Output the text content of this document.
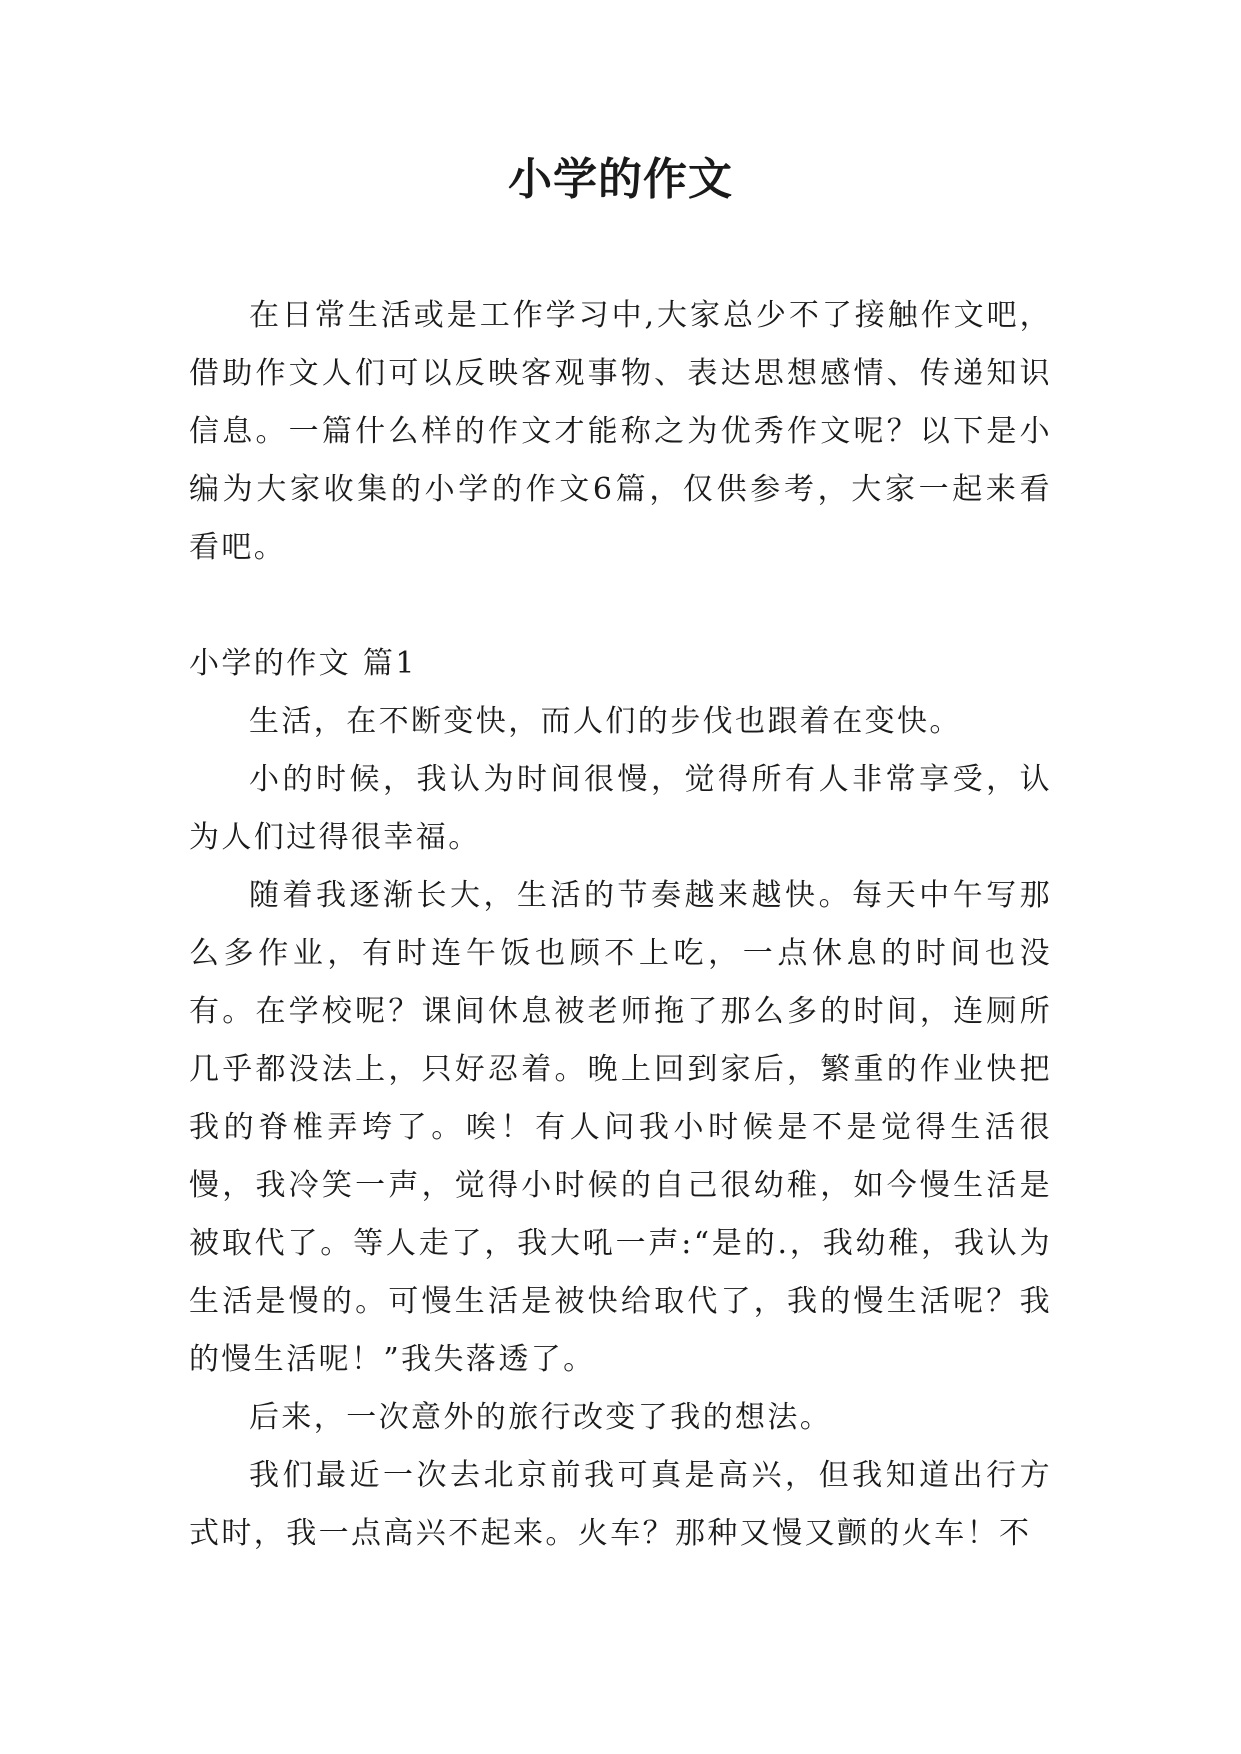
小学的作文

在日常生活或是工作学习中,大家总少不了接触作文吧，借助作文人们可以反映客观事物、表达思想感情、传递知识信息。一篇什么样的作文才能称之为优秀作文呢？以下是小编为大家收集的小学的作文6篇，仅供参考，大家一起来看看吧。

小学的作文 篇1

生活，在不断变快，而人们的步伐也跟着在变快。

小的时候，我认为时间很慢，觉得所有人非常享受，认为人们过得很幸福。

随着我逐渐长大，生活的节奏越来越快。每天中午写那么多作业，有时连午饭也顾不上吃，一点休息的时间也没有。在学校呢？课间休息被老师拖了那么多的时间，连厕所几乎都没法上，只好忍着。晚上回到家后，繁重的作业快把我的脊椎弄垮了。唉！有人问我小时候是不是觉得生活很慢，我冷笑一声，觉得小时候的自己很幼稚，如今慢生活是被取代了。等人走了，我大吼一声:“是的.，我幼稚，我认为生活是慢的。可慢生活是被快给取代了，我的慢生活呢？我的慢生活呢！”我失落透了。

后来，一次意外的旅行改变了我的想法。

我们最近一次去北京前我可真是高兴，但我知道出行方式时，我一点高兴不起来。火车？那种又慢又颤的火车！不
